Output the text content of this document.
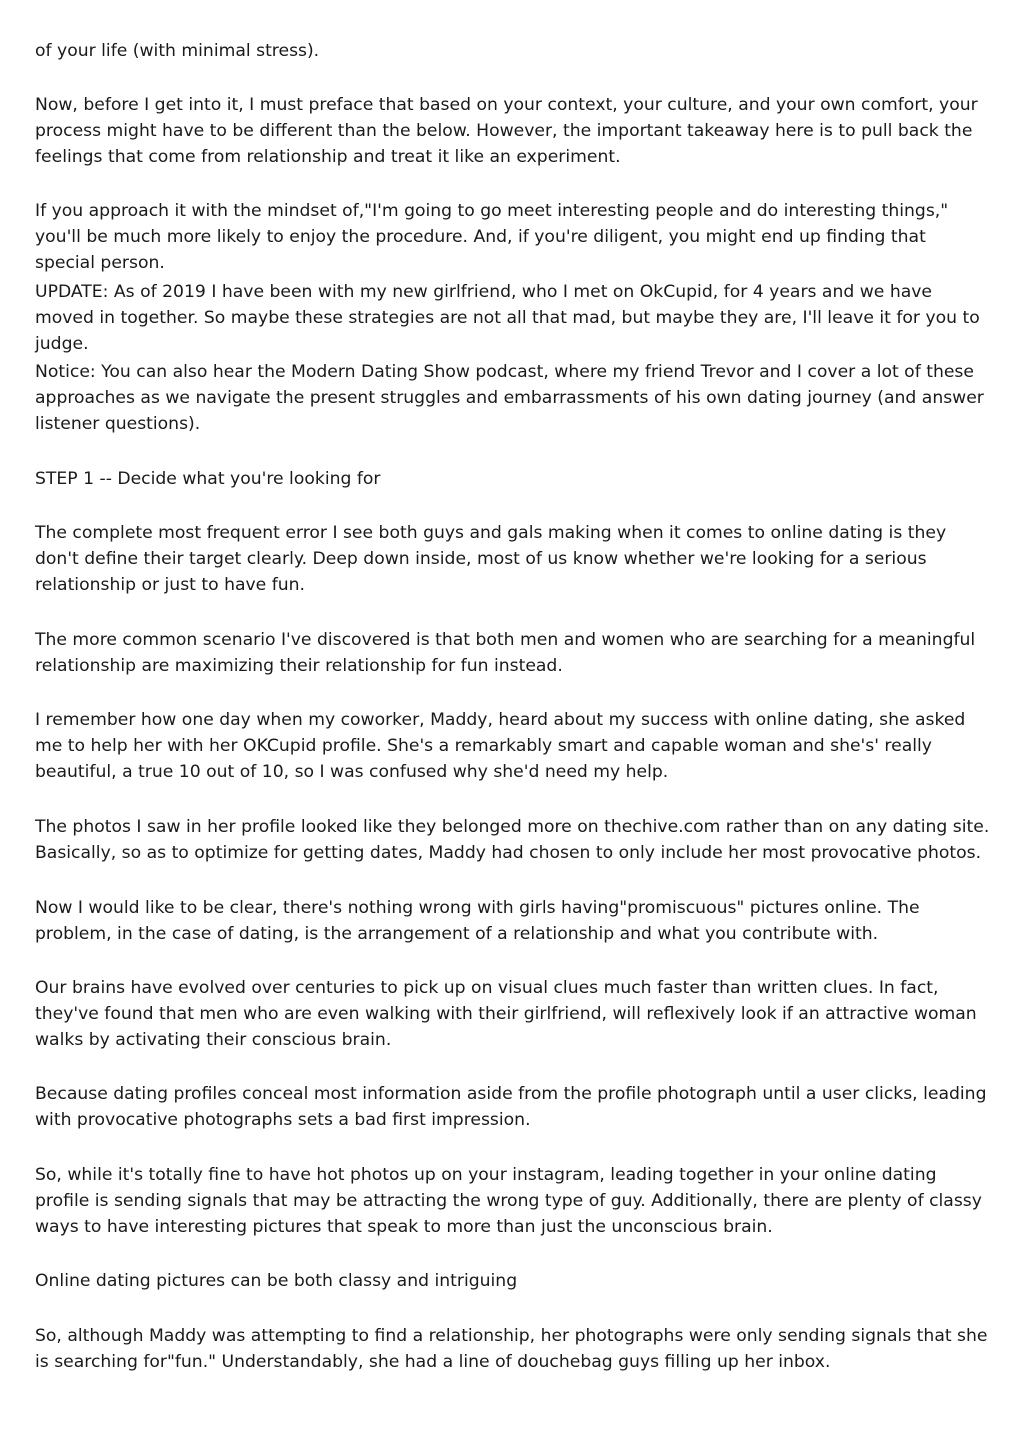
of your life (with minimal stress).

Now, before I get into it, I must preface that based on your context, your culture, and your own comfort, your process might have to be different than the below. However, the important takeaway here is to pull back the feelings that come from relationship and treat it like an experiment.

If you approach it with the mindset of,"I'm going to go meet interesting people and do interesting things," you'll be much more likely to enjoy the procedure. And, if you're diligent, you might end up finding that special person.

UPDATE: As of 2019 I have been with my new girlfriend, who I met on OkCupid, for 4 years and we have moved in together. So maybe these strategies are not all that mad, but maybe they are, I'll leave it for you to judge.

Notice: You can also hear the Modern Dating Show podcast, where my friend Trevor and I cover a lot of these approaches as we navigate the present struggles and embarrassments of his own dating journey (and answer listener questions).

STEP 1 -- Decide what you're looking for

The complete most frequent error I see both guys and gals making when it comes to online dating is they don't define their target clearly. Deep down inside, most of us know whether we're looking for a serious relationship or just to have fun.

The more common scenario I've discovered is that both men and women who are searching for a meaningful relationship are maximizing their relationship for fun instead.

I remember how one day when my coworker, Maddy, heard about my success with online dating, she asked me to help her with her OKCupid profile. She's a remarkably smart and capable woman and she's' really beautiful, a true 10 out of 10, so I was confused why she'd need my help.

The photos I saw in her profile looked like they belonged more on thechive.com rather than on any dating site. Basically, so as to optimize for getting dates, Maddy had chosen to only include her most provocative photos.

Now I would like to be clear, there's nothing wrong with girls having"promiscuous" pictures online. The problem, in the case of dating, is the arrangement of a relationship and what you contribute with.

Our brains have evolved over centuries to pick up on visual clues much faster than written clues. In fact, they've found that men who are even walking with their girlfriend, will reflexively look if an attractive woman walks by activating their conscious brain.

Because dating profiles conceal most information aside from the profile photograph until a user clicks, leading with provocative photographs sets a bad first impression.

So, while it's totally fine to have hot photos up on your instagram, leading together in your online dating profile is sending signals that may be attracting the wrong type of guy. Additionally, there are plenty of classy ways to have interesting pictures that speak to more than just the unconscious brain.

Online dating pictures can be both classy and intriguing

So, although Maddy was attempting to find a relationship, her photographs were only sending signals that she is searching for"fun." Understandably, she had a line of douchebag guys filling up her inbox.
